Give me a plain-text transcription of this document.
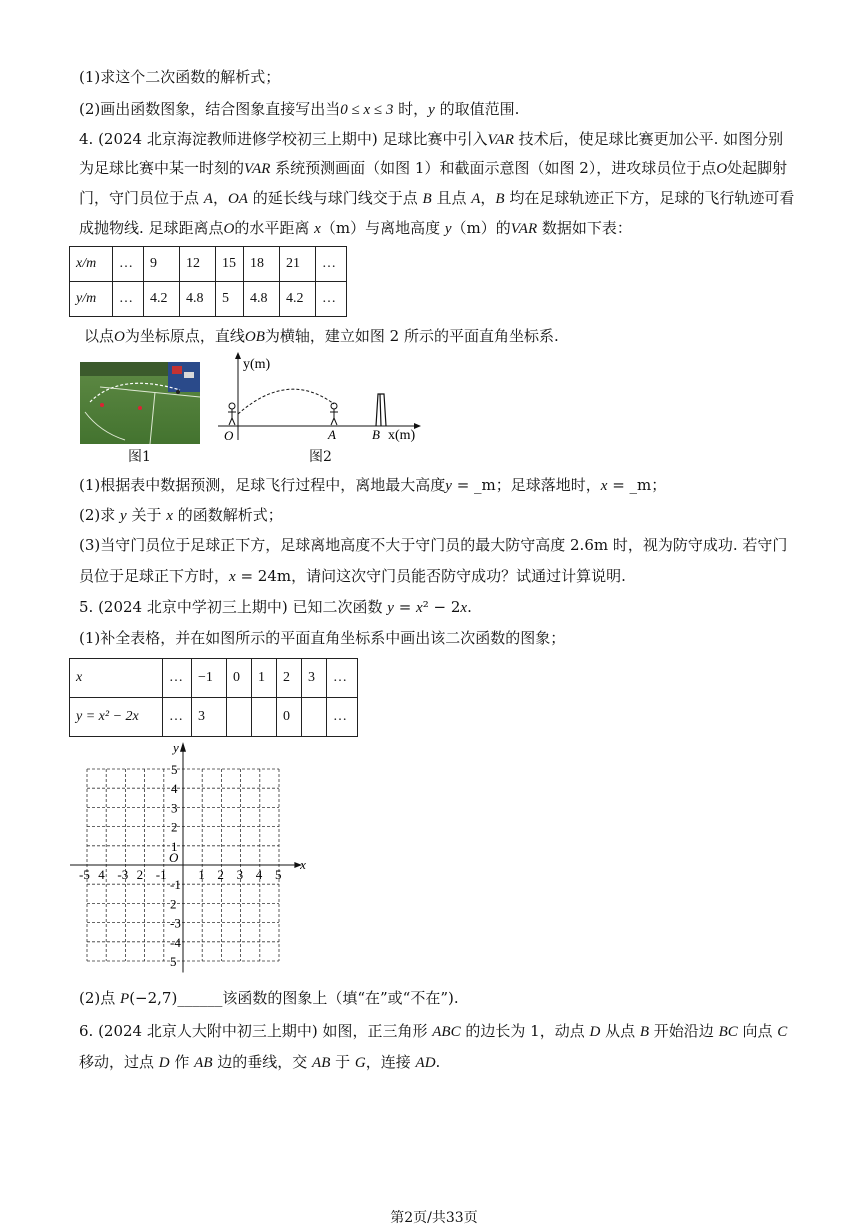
(1)求这个二次函数的解析式；
(2)画出函数图象，结合图象直接写出当0 ≤ x ≤ 3 时，y 的取值范围.
4. (2024 北京海淀教师进修学校初三上期中) 足球比赛中引入VAR 技术后，使足球比赛更加公平. 如图分别
为足球比赛中某一时刻的VAR 系统预测画面（如图 1）和截面示意图（如图 2），进攻球员位于点O处起脚射
门，守门员位于点 A，OA 的延长线与球门线交于点 B 且点 A，B 均在足球轨迹正下方，足球的飞行轨迹可看
成抛物线. 足球距离点O的水平距离 x（m）与离地高度 y（m）的VAR 数据如下表：
x/m	…	9	12	15	18	21	…
y/m	…	4.2	4.8	5	4.8	4.2	…
以点O为坐标原点，直线OB为横轴，建立如图 2 所示的平面直角坐标系.
图1
y(m)
O	A	B x(m)
图2
(1)根据表中数据预测，足球飞行过程中，离地最大高度y = _m；足球落地时，x = _m；
(2)求 y 关于 x 的函数解析式；
(3)当守门员位于足球正下方，足球离地高度不大于守门员的最大防守高度 2.6m 时，视为防守成功. 若守门
员位于足球正下方时，x = 24m，请问这次守门员能否防守成功？试通过计算说明.
5. (2024 北京中学初三上期中) 已知二次函数 y = x² − 2x.
(1)补全表格，并在如图所示的平面直角坐标系中画出该二次函数的图象；
x	…	−1	0	1	2	3	…
y = x² − 2x	…	3			0		…
-5 4 -3 2 -1 1 2 3 4 5
5
4
3
2
1
-1
2
-3
-4
5
O	x
y
(2)点 P(−2,7)______该函数的图象上（填“在”或“不在”).
6. (2024 北京人大附中初三上期中) 如图，正三角形 ABC 的边长为 1，动点 D 从点 B 开始沿边 BC 向点 C
移动，过点 D 作 AB 边的垂线，交 AB 于 G，连接 AD.
第2页/共33页
